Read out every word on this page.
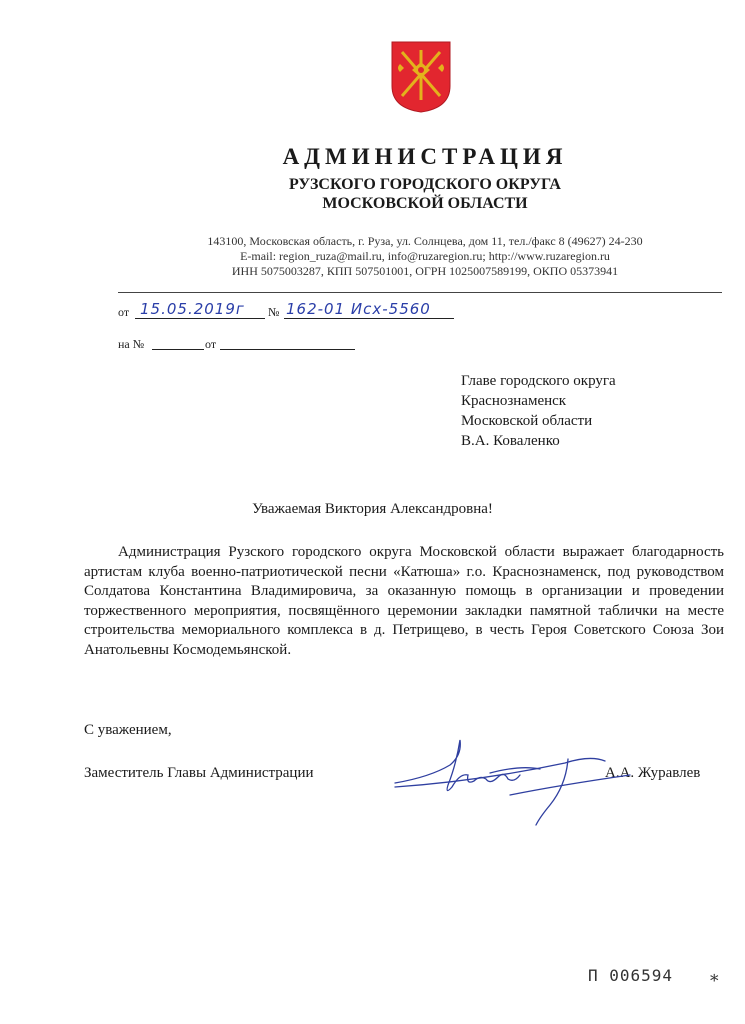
АДМИНИСТРАЦИЯ
РУЗСКОГО ГОРОДСКОГО ОКРУГА
МОСКОВСКОЙ ОБЛАСТИ
143100, Московская область, г. Руза, ул. Солнцева, дом 11, тел./факс 8 (49627) 24-230
E-mail: region_ruza@mail.ru, info@ruzaregion.ru; http://www.ruzaregion.ru
ИНН 5075003287, КПП 507501001, ОГРН 1025007589199, ОКПО 05373941
от 15.05.2019г № 162-01 Исх-5560
на №	от
Главе городского округа
Краснознаменск
Московской области
В.А. Коваленко
Уважаемая Виктория Александровна!
Администрация Рузского городского округа Московской области выражает благодарность артистам клуба военно-патриотической песни «Катюша» г.о. Краснознаменск, под руководством Солдатова Константина Владимировича, за оказанную помощь в организации и проведении торжественного мероприятия, посвящённого церемонии закладки памятной таблички на месте строительства мемориального комплекса в д. Петрищево, в честь Героя Советского Союза Зои Анатольевны Космодемьянской.
С уважением,
Заместитель Главы Администрации	А.А. Журавлев
П 006594 ⁎
